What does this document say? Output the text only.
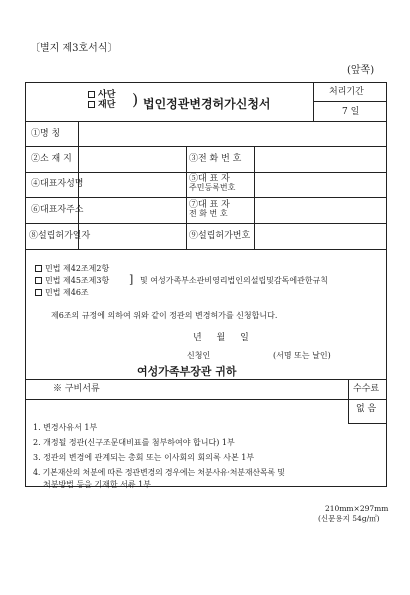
〔별지 제3호서식〕
(앞쪽)
사단
재단 ) 법인정관변경허가신청서
처리기간
7 일
①명 칭
②소 재 지	③전 화 번 호
④대표자성명	⑤대 표 자
주민등록번호
⑥대표자주소	⑦대 표 자
전 화 번 호
⑧설립허가일자	⑨설립허가번호
민법 제42조제2항
민법 제45조제3항 ] 및 여성가족부소관비영리법인의설립및감독에관한규칙
민법 제46조
제6조의 규정에 의하여 위와 같이 정관의 변경허가를 신청합니다.
년 월 일
신청인	(서명 또는 날인)
여성가족부장관 귀하
※ 구비서류	수수료
없 음
1. 변경사유서 1부
2. 개정될 정관(신구조문대비표를 첨부하여야 합니다) 1부
3. 정관의 변경에 관계되는 총회 또는 이사회의 회의록 사본 1부
4. 기본재산의 처분에 따른 정관변경의 경우에는 처분사유·처분재산목록 및
처분방법 등을 기재한 서류 1부
210mm×297mm
(신문용지 54g/㎡)
